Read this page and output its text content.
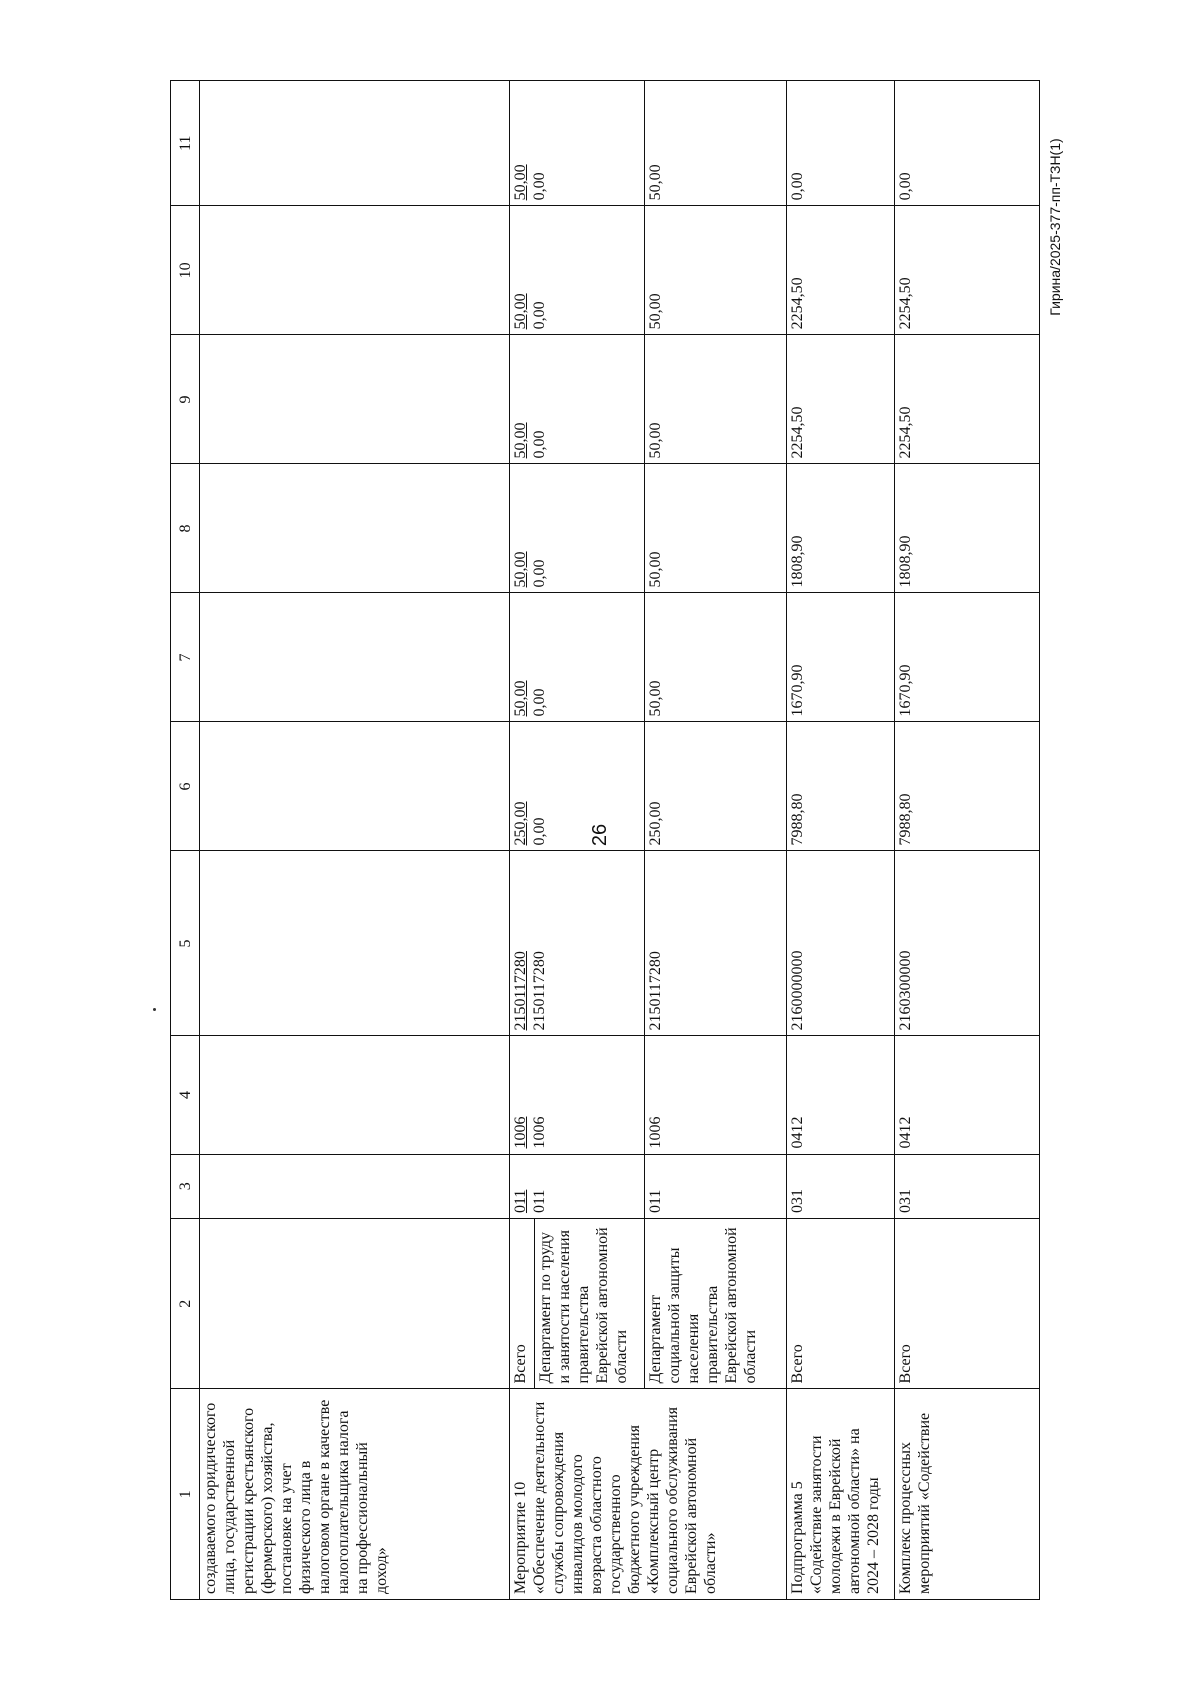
26
Гирина/2025-377-пп-ТЗН(1)
1	2	3	4	5	6	7	8	9	10	11
создаваемого юридического лица, государственной регистрации крестьянского (фермерского) хозяйства, постановке на учет физического лица в налоговом органе в качестве налогоплательщика налога на профессиональный доход»										
Мероприятие 10 «Обеспечение деятельности службы сопровождения инвалидов молодого возраста областного государственного бюджетного учреждения «Комплексный центр социального обслуживания Еврейской автономной области»	Всего	011 011	1006 1006	2150117280 2150117280	250,00 0,00	50,00 0,00	50,00 0,00	50,00 0,00	50,00 0,00	50,00 0,00

	Департамент по труду и занятости населения правительства Еврейской автономной области									
	Департамент социальной защиты населения правительства Еврейской автономной области	011	1006	2150117280	250,00	50,00	50,00	50,00	50,00	50,00
Подпрограмма 5 «Содействие занятости молодежи в Еврейской автономной области» на 2024 – 2028 годы	Всего	031	0412	2160000000	7988,80	1670,90	1808,90	2254,50	2254,50	0,00
Комплекс процессных мероприятий «Содействие	Всего	031	0412	2160300000	7988,80	1670,90	1808,90	2254,50	2254,50	0,00
